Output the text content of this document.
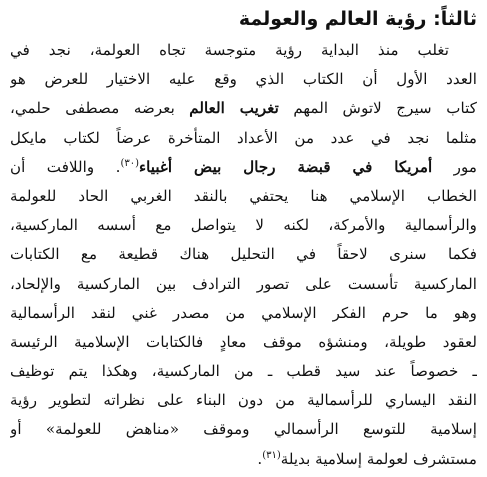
ثالثاً: رؤية العالم والعولمة
تغلب منذ البداية رؤية متوجسة تجاه العولمة، نجد في
العدد الأول أن الكتاب الذي وقع عليه الاختيار للعرض هو
كتاب سيرج لاتوش المهم تغريب العالم بعرضه مصطفى حلمي،
مثلما نجد في عدد من الأعداد المتأخرة عرضاً لكتاب مايكل
مور أمريكا في قبضة رجال بيض أغبياء$^{(٣٠)}$. واللافت أن
الخطاب الإسلامي هنا يحتفي بالنقد الغربي الحاد للعولمة
والرأسمالية والأمركة، لكنه لا يتواصل مع أسسه الماركسية،
فكما سنرى لاحقاً في التحليل هناك قطيعة مع الكتابات
الماركسية تأسست على تصور الترادف بين الماركسية والإلحاد،
وهو ما حرم الفكر الإسلامي من مصدر غني لنقد الرأسمالية
لعقود طويلة، ومنشؤه موقف معادٍ فالكتابات الإسلامية الرئيسة
ـ خصوصاً عند سيد قطب ـ من الماركسية، وهكذا يتم توظيف
النقد اليساري للرأسمالية من دون البناء على نظراته لتطوير رؤية
إسلامية للتوسع الرأسمالي وموقف «مناهض للعولمة» أو
مستشرف لعولمة إسلامية بديلة$^{(٣١)}$.
